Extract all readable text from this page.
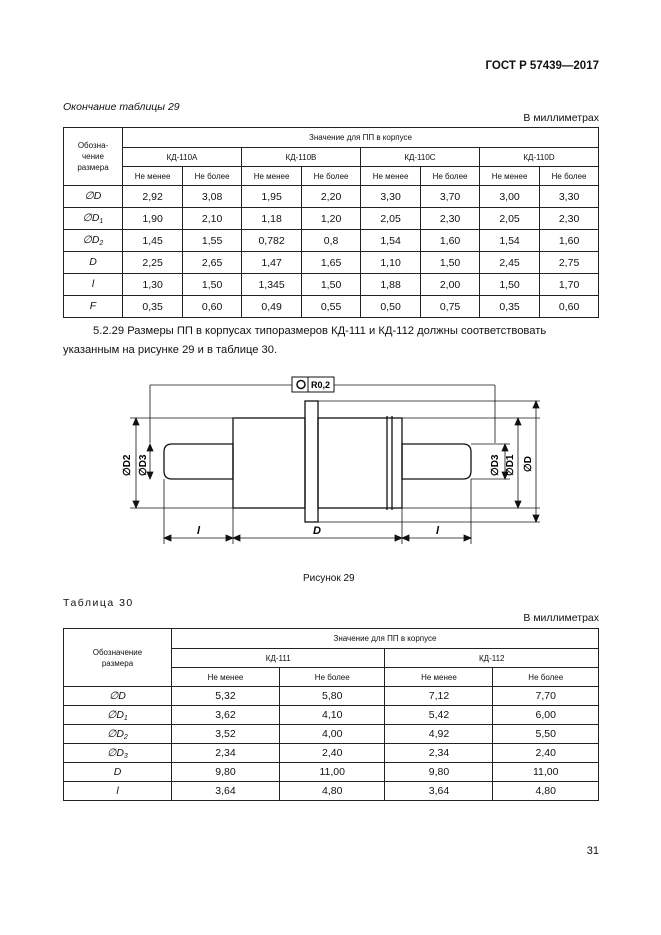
ГОСТ Р 57439—2017
Окончание таблицы 29
В миллиметрах
Обозна-
чение
размера	Значение для ПП в корпусе							
	КД-110А		КД-110В		КД-110С		КД-110D	
	Не менее	Не более	Не менее	Не более	Не менее	Не более	Не менее	Не более
∅D	2,92	3,08	1,95	2,20	3,30	3,70	3,00	3,30
$\emptyset D_1$	1,90	2,10	1,18	1,20	2,05	2,30	2,05	2,30
$\emptyset D_2$	1,45	1,55	0,782	0,8	1,54	1,60	1,54	1,60
D	2,25	2,65	1,47	1,65	1,10	1,50	2,45	2,75
l	1,30	1,50	1,345	1,50	1,88	2,00	1,50	1,70
F	0,35	0,60	0,49	0,55	0,50	0,75	0,35	0,60
5.2.29 Размеры ПП в корпусах типоразмеров КД-111 и КД-112 должны соответствовать указанным на рисунке 29 и в таблице 30.
R0,2
∅D2 ∅D3	∅D3 ∅D1 ∅D
l	D	l
Рисунок 29
Таблица 30
В миллиметрах
Обозначение
размера	Значение для ПП в корпусе			
	КД-111		КД-112	
	Не менее	Не более	Не менее	Не более
∅D	5,32	5,80	7,12	7,70
$\emptyset D_1$	3,62	4,10	5,42	6,00
$\emptyset D_2$	3,52	4,00	4,92	5,50
$\emptyset D_3$	2,34	2,40	2,34	2,40
D	9,80	11,00	9,80	11,00
l	3,64	4,80	3,64	4,80
31
